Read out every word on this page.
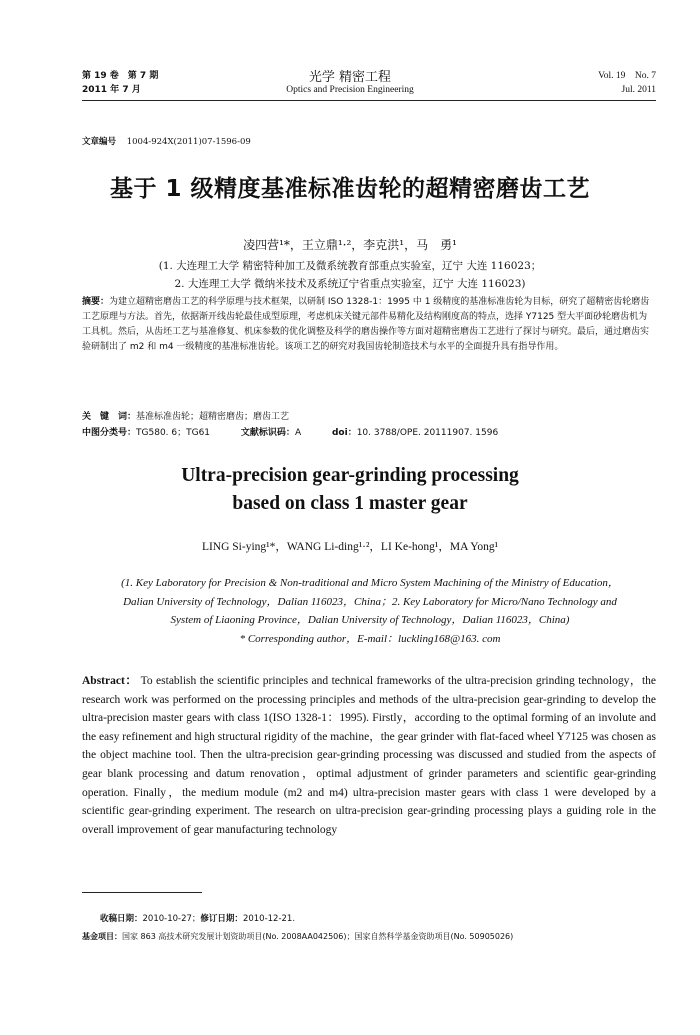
第 19 卷　第 7 期
2011 年 7 月
光学 精密工程
Optics and Precision Engineering
Vol. 19　No. 7
Jul. 2011
文章编号 1004-924X(2011)07-1596-09
基于 1 级精度基准标准齿轮的超精密磨齿工艺
凌四营¹*，王立鼎¹·²，李克洪¹，马　勇¹
(1. 大连理工大学 精密特种加工及微系统教育部重点实验室，辽宁 大连 116023；
2. 大连理工大学 微纳米技术及系统辽宁省重点实验室，辽宁 大连 116023)
摘要：为建立超精密磨齿工艺的科学原理与技术框架，以研制 ISO 1328-1：1995 中 1 级精度的基准标准齿轮为目标，研究了超精密齿轮磨齿工艺原理与方法。首先，依据渐开线齿轮最佳成型原理，考虑机床关键元部件易精化及结构刚度高的特点，选择 Y7125 型大平面砂轮磨齿机为工具机。然后，从齿坯工艺与基准修复、机床参数的优化调整及科学的磨齿操作等方面对超精密磨齿工艺进行了探讨与研究。最后，通过磨齿实验研制出了 m2 和 m4 一级精度的基准标准齿轮。该项工艺的研究对我国齿轮制造技术与水平的全面提升具有指导作用。
关　键　词：基准标准齿轮；超精密磨齿；磨齿工艺
中图分类号：TG580. 6；TG61	文献标识码：A	doi：10. 3788/OPE. 20111907. 1596
Ultra-precision gear-grinding processing
based on class 1 master gear
LING Si-ying¹*，WANG Li-ding¹·²，LI Ke-hong¹，MA Yong¹
(1. Key Laboratory for Precision & Non-traditional and Micro System Machining of the Ministry of Education，
Dalian University of Technology，Dalian 116023，China；2. Key Laboratory for Micro/Nano Technology and
System of Liaoning Province，Dalian University of Technology，Dalian 116023，China)
* Corresponding author，E-mail：luckling168@163. com
Abstract： To establish the scientific principles and technical frameworks of the ultra-precision grinding technology，the research work was performed on the processing principles and methods of the ultra-precision gear-grinding to develop the ultra-precision master gears with class 1(ISO 1328-1：1995). Firstly，according to the optimal forming of an involute and the easy refinement and high structural rigidity of the machine，the gear grinder with flat-faced wheel Y7125 was chosen as the object machine tool. Then the ultra-precision gear-grinding processing was discussed and studied from the aspects of gear blank processing and datum renovation，optimal adjustment of grinder parameters and scientific gear-grinding operation. Finally，the medium module (m2 and m4) ultra-precision master gears with class 1 were developed by a scientific gear-grinding experiment. The research on ultra-precision gear-grinding processing plays a guiding role in the overall improvement of gear manufacturing technology
收稿日期：2010-10-27；修订日期：2010-12-21.
基金项目：国家 863 高技术研究发展计划资助项目(No. 2008AA042506)；国家自然科学基金资助项目(No. 50905026)
